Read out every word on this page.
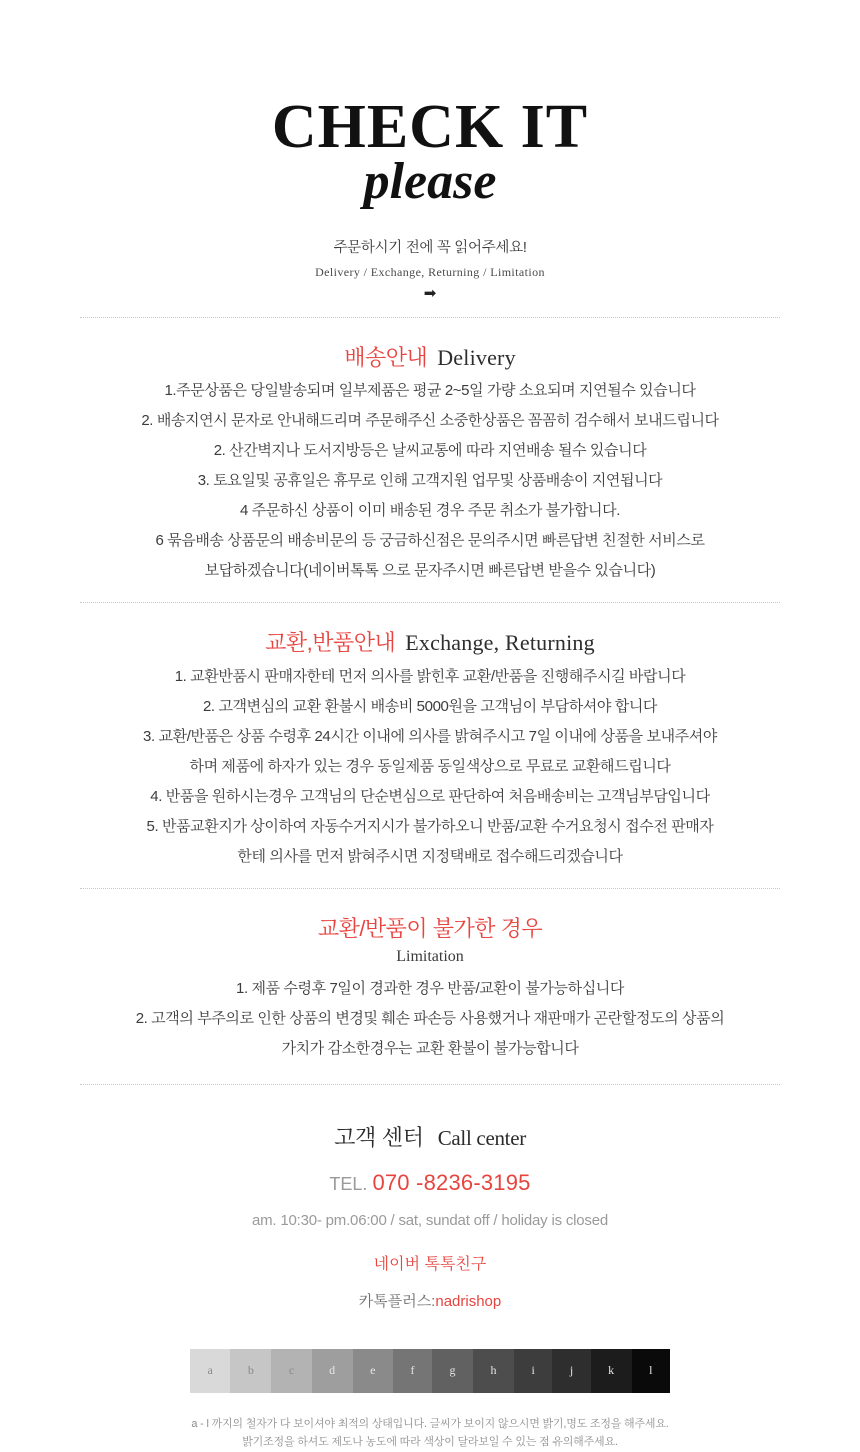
CHECK IT
please
주문하시기 전에 꼭 읽어주세요!
Delivery / Exchange, Returning / Limitation
➡
배송안내 Delivery
1.주문상품은 당일발송되며 일부제품은 평균 2~5일 가량 소요되며 지연될수 있습니다
2. 배송지연시 문자로 안내해드리며 주문해주신 소중한상품은 꼼꼼히 검수해서 보내드립니다
2. 산간벽지나 도서지방등은 날씨교통에 따라 지연배송 될수 있습니다
3. 토요일및 공휴일은 휴무로 인해 고객지원 업무및 상품배송이 지연됩니다
4 주문하신 상품이 이미 배송된 경우 주문 취소가 불가합니다.
6 묶음배송 상품문의 배송비문의 등 궁금하신점은 문의주시면 빠른답변 친절한 서비스로
보답하겠습니다(네이버톡톡 으로 문자주시면 빠른답변 받을수 있습니다)
교환,반품안내 Exchange, Returning
1. 교환반품시 판매자한테 먼저 의사를 밝힌후 교환/반품을 진행해주시길 바랍니다
2. 고객변심의 교환 환불시 배송비 5000원을 고객님이 부담하셔야 합니다
3. 교환/반품은 상품 수령후 24시간 이내에 의사를 밝혀주시고 7일 이내에 상품을 보내주셔야
하며 제품에 하자가 있는 경우 동일제품 동일색상으로 무료로 교환해드립니다
4. 반품을 원하시는경우 고객님의 단순변심으로 판단하여 처음배송비는 고객님부담입니다
5. 반품교환지가 상이하여 자동수거지시가 불가하오니 반품/교환 수거요청시 접수전 판매자
한테 의사를 먼저 밝혀주시면 지정택배로 접수해드리겠습니다
교환/반품이 불가한 경우
Limitation
1. 제품 수령후 7일이 경과한 경우 반품/교환이 불가능하십니다
2. 고객의 부주의로 인한 상품의 변경및 훼손 파손등 사용했거나 재판매가 곤란할정도의 상품의
가치가 감소한경우는 교환 환불이 불가능합니다
고객 센터 Call center
TEL. 070 -8236-3195
am. 10:30- pm.06:00 / sat, sundat off / holiday is closed
네이버 톡톡친구
카톡플러스:nadrishop
a	b	c	d	e	f	g	h	i	j	k	l
a - l 까지의 철자가 다 보이셔야 최적의 상태입니다. 글씨가 보이지 않으시면 밝기,명도 조정을 해주세요.
밝기조정을 하셔도 제도나 농도에 따라 색상이 달라보일 수 있는 점 유의해주세요.
